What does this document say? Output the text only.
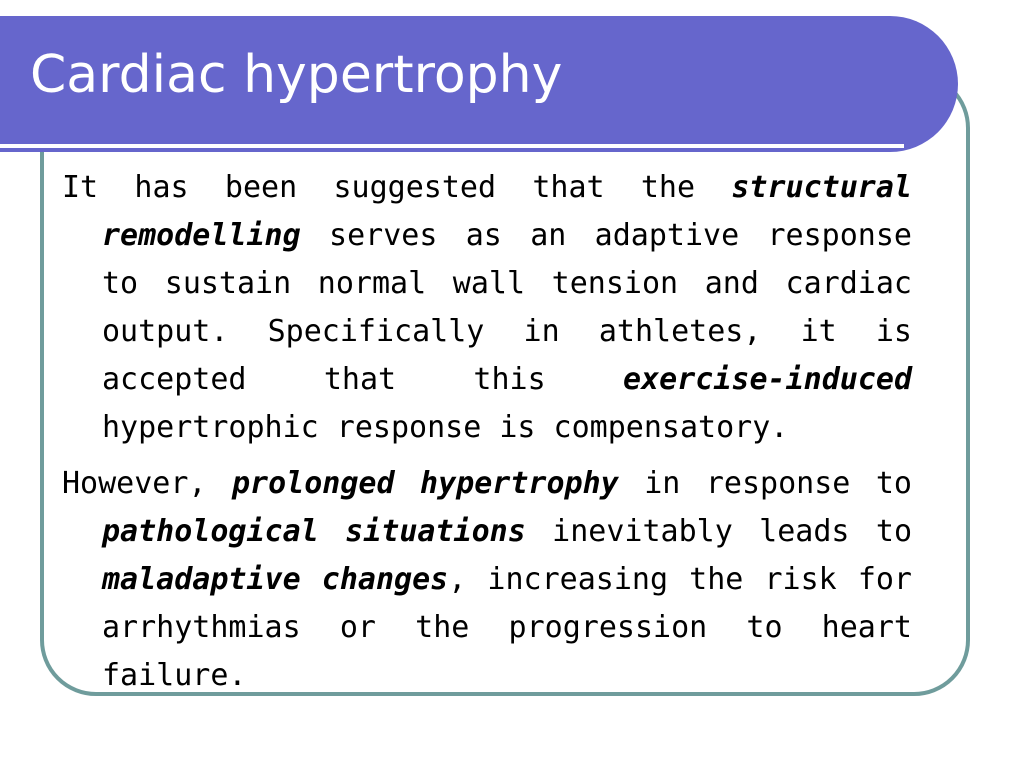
Cardiac hypertrophy

It has been suggested that the structural remodelling serves as an adaptive response to sustain normal wall tension and cardiac output. Specifically in athletes, it is accepted that this exercise-induced hypertrophic response is compensatory.

However, prolonged hypertrophy in response to pathological situations inevitably leads to maladaptive changes, increasing the risk for arrhythmias or the progression to heart failure.
